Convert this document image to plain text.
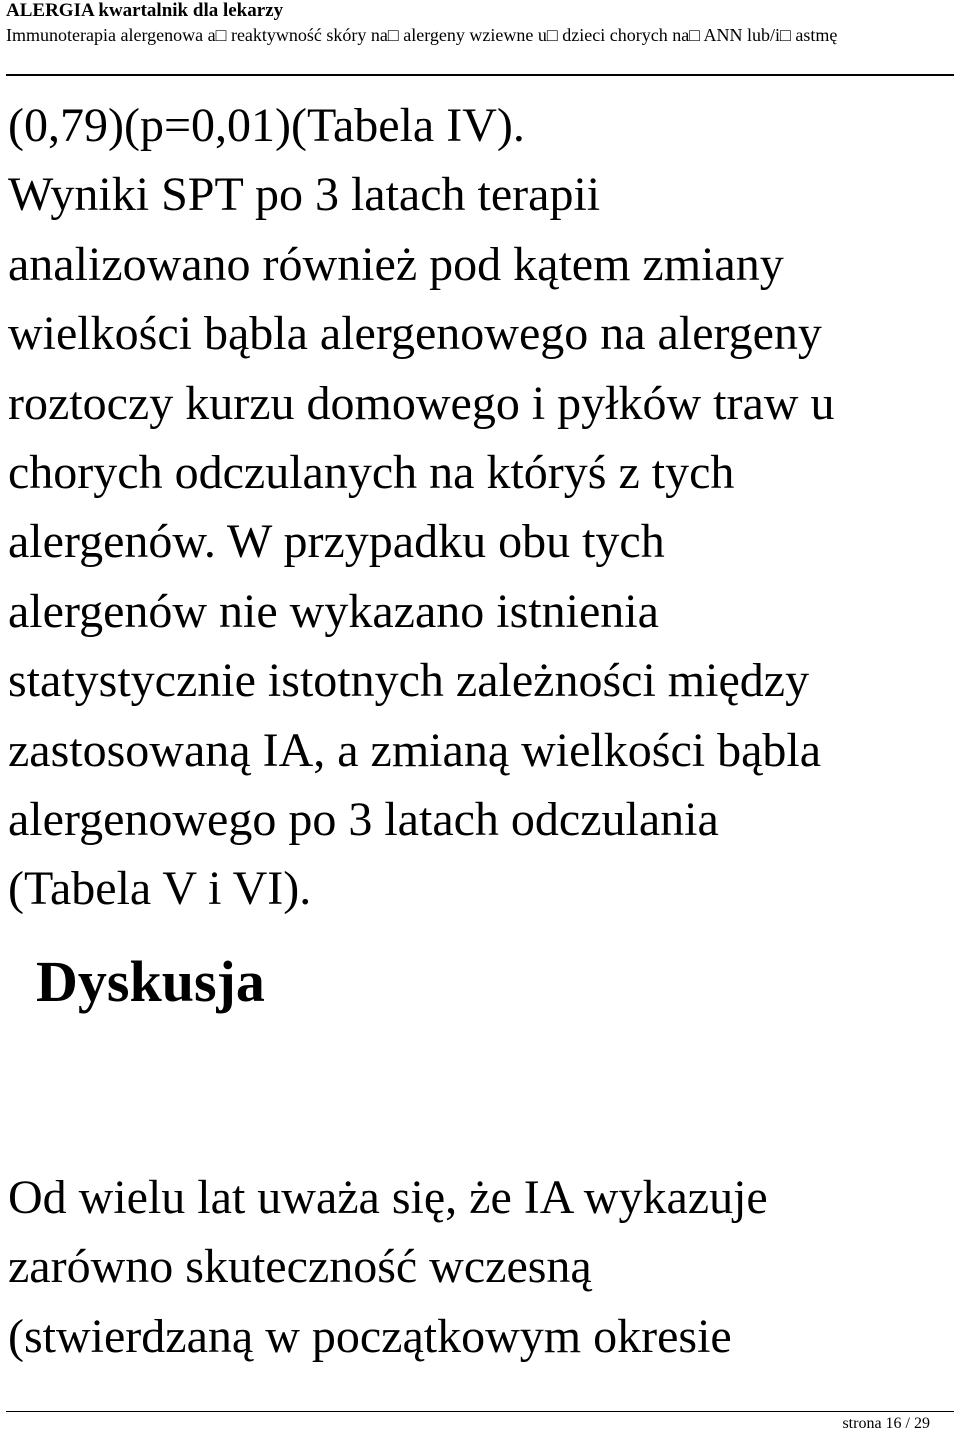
ALERGIA kwartalnik dla lekarzy
Immunoterapia alergenowa a□ reaktywność skóry na□ alergeny wziewne u□ dzieci chorych na□ ANN lub/i□ astmę

(0,79)(p=0,01)(Tabela IV).
Wyniki SPT po 3 latach terapii
analizowano również pod kątem zmiany
wielkości bąbla alergenowego na alergeny
roztoczy kurzu domowego i pyłków traw u
chorych odczulanych na któryś z tych
alergenów. W przypadku obu tych
alergenów nie wykazano istnienia
statystycznie istotnych zależności między
zastosowaną IA, a zmianą wielkości bąbla
alergenowego po 3 latach odczulania
(Tabela V i VI).

Dyskusja

Od wielu lat uważa się, że IA wykazuje
zarówno skuteczność wczesną
(stwierdzaną w początkowym okresie

strona 16 / 29
